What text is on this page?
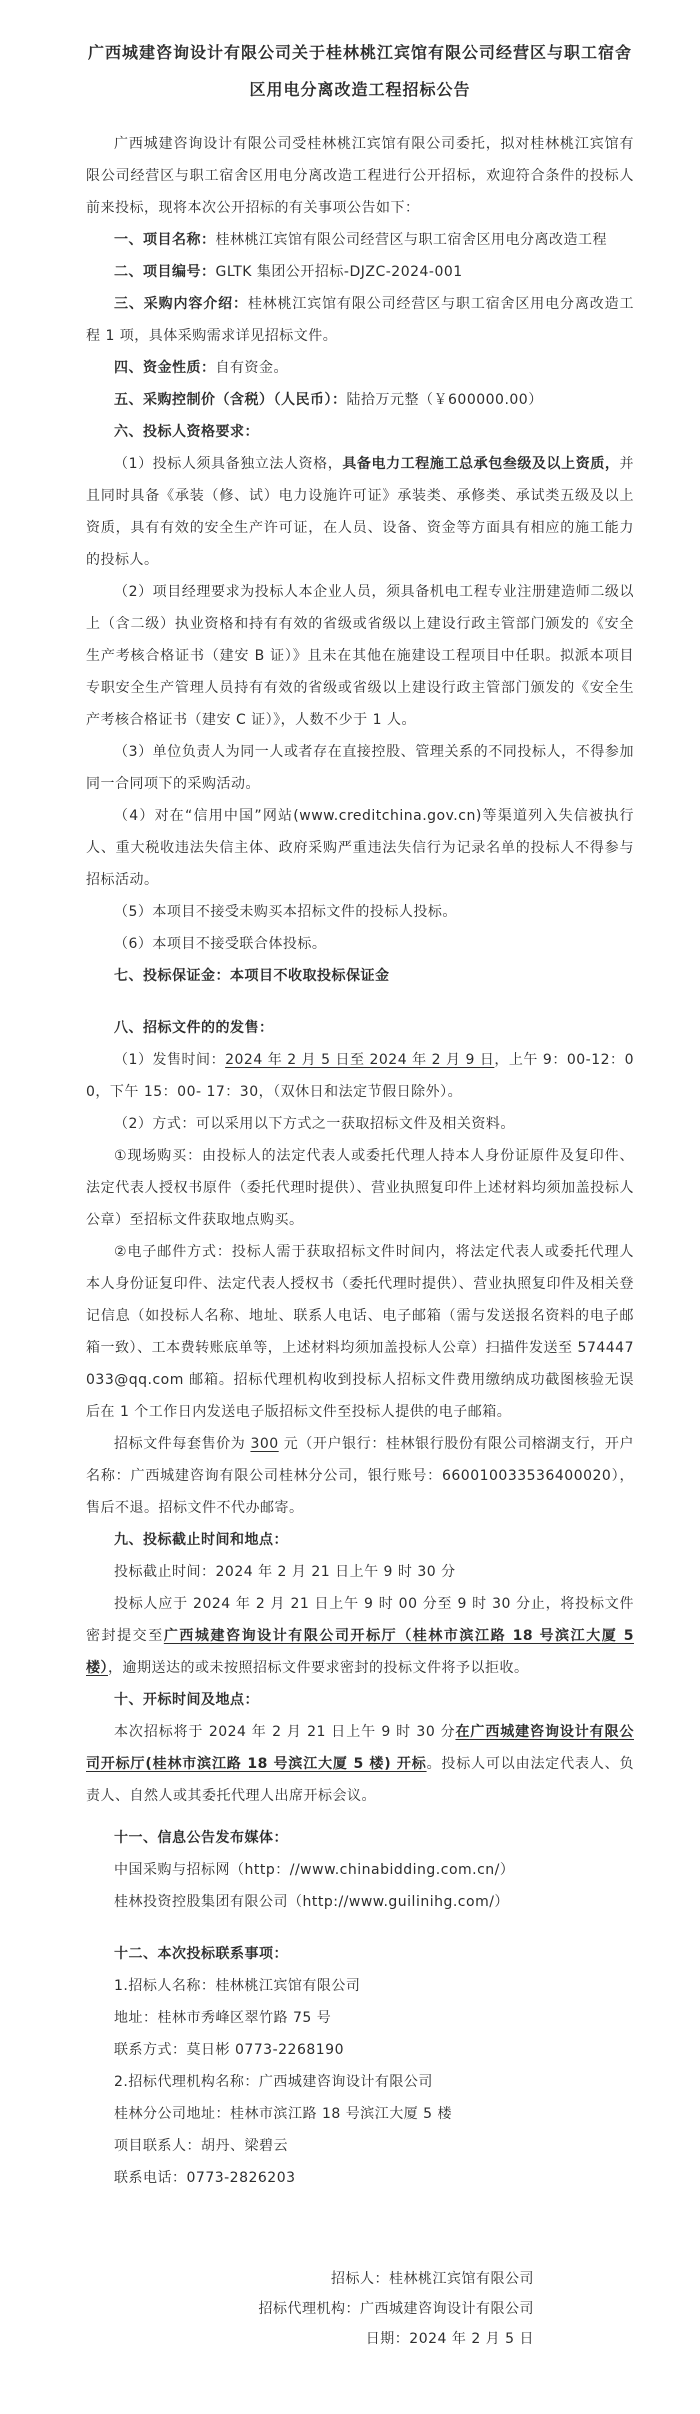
广西城建咨询设计有限公司关于桂林桃江宾馆有限公司经营区与职工宿舍区用电分离改造工程招标公告
广西城建咨询设计有限公司受桂林桃江宾馆有限公司委托，拟对桂林桃江宾馆有限公司经营区与职工宿舍区用电分离改造工程进行公开招标，欢迎符合条件的投标人前来投标，现将本次公开招标的有关事项公告如下：
一、项目名称：桂林桃江宾馆有限公司经营区与职工宿舍区用电分离改造工程
二、项目编号：GLTK 集团公开招标-DJZC-2024-001
三、采购内容介绍：桂林桃江宾馆有限公司经营区与职工宿舍区用电分离改造工程 1 项，具体采购需求详见招标文件。
四、资金性质：自有资金。
五、采购控制价（含税）（人民币）：陆拾万元整（￥600000.00）
六、投标人资格要求：
（1）投标人须具备独立法人资格，具备电力工程施工总承包叁级及以上资质，并且同时具备《承装（修、试）电力设施许可证》承装类、承修类、承试类五级及以上资质，具有有效的安全生产许可证，在人员、设备、资金等方面具有相应的施工能力的投标人。
（2）项目经理要求为投标人本企业人员，须具备机电工程专业注册建造师二级以上（含二级）执业资格和持有有效的省级或省级以上建设行政主管部门颁发的《安全生产考核合格证书（建安 B 证）》且未在其他在施建设工程项目中任职。拟派本项目专职安全生产管理人员持有有效的省级或省级以上建设行政主管部门颁发的《安全生产考核合格证书（建安 C 证）》，人数不少于 1 人。
（3）单位负责人为同一人或者存在直接控股、管理关系的不同投标人，不得参加同一合同项下的采购活动。
（4）对在“信用中国”网站(www.creditchina.gov.cn)等渠道列入失信被执行人、重大税收违法失信主体、政府采购严重违法失信行为记录名单的投标人不得参与招标活动。
（5）本项目不接受未购买本招标文件的投标人投标。
（6）本项目不接受联合体投标。
七、投标保证金：本项目不收取投标保证金
八、招标文件的的发售：
（1）发售时间：2024 年 2 月 5 日至 2024 年 2 月 9 日，上午 9：00-12：00，下午 15：00- 17：30，（双休日和法定节假日除外）。
（2）方式：可以采用以下方式之一获取招标文件及相关资料。
①现场购买：由投标人的法定代表人或委托代理人持本人身份证原件及复印件、法定代表人授权书原件（委托代理时提供）、营业执照复印件上述材料均须加盖投标人公章）至招标文件获取地点购买。
②电子邮件方式：投标人需于获取招标文件时间内，将法定代表人或委托代理人本人身份证复印件、法定代表人授权书（委托代理时提供）、营业执照复印件及相关登记信息（如投标人名称、地址、联系人电话、电子邮箱（需与发送报名资料的电子邮箱一致）、工本费转账底单等，上述材料均须加盖投标人公章）扫描件发送至 574447033@qq.com 邮箱。招标代理机构收到投标人招标文件费用缴纳成功截图核验无误后在 1 个工作日内发送电子版招标文件至投标人提供的电子邮箱。
招标文件每套售价为 300 元（开户银行：桂林银行股份有限公司榕湖支行，开户名称：广西城建咨询有限公司桂林分公司，银行账号：660010033536400020），售后不退。招标文件不代办邮寄。
九、投标截止时间和地点：
投标截止时间：2024 年 2 月 21 日上午 9 时 30 分
投标人应于 2024 年 2 月 21 日上午 9 时 00 分至 9 时 30 分止，将投标文件密封提交至广西城建咨询设计有限公司开标厅（桂林市滨江路 18 号滨江大厦 5 楼），逾期送达的或未按照招标文件要求密封的投标文件将予以拒收。
十、开标时间及地点：
本次招标将于 2024 年 2 月 21 日上午 9 时 30 分在广西城建咨询设计有限公司开标厅(桂林市滨江路 18 号滨江大厦 5 楼) 开标。投标人可以由法定代表人、负责人、自然人或其委托代理人出席开标会议。
十一、信息公告发布媒体：
中国采购与招标网（http：//www.chinabidding.com.cn/）
桂林投资控股集团有限公司（http://www.guilinihg.com/）
十二、本次投标联系事项：
1.招标人名称：桂林桃江宾馆有限公司
地址：桂林市秀峰区翠竹路 75 号
联系方式：莫日彬 0773-2268190
2.招标代理机构名称：广西城建咨询设计有限公司
桂林分公司地址：桂林市滨江路 18 号滨江大厦 5 楼
项目联系人：胡丹、梁碧云
联系电话：0773-2826203
招标人：桂林桃江宾馆有限公司
招标代理机构：广西城建咨询设计有限公司
日期：2024 年 2 月 5 日
